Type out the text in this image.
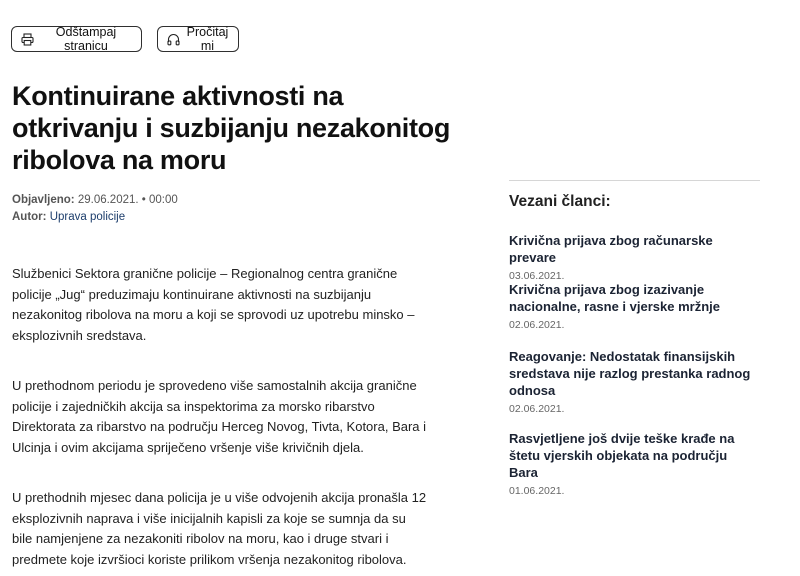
Odštampaj stranicu
Pročitaj mi
Kontinuirane aktivnosti na otkrivanju i suzbijanju nezakonitog ribolova na moru
Objavljeno: 29.06.2021. • 00:00
Autor: Uprava policije

Službenici Sektora granične policije – Regionalnog centra granične policije „Jug“ preduzimaju kontinuirane aktivnosti na suzbijanju nezakonitog ribolova na moru a koji se sprovodi uz upotrebu minsko – eksplozivnih sredstava.

U prethodnom periodu je sprovedeno više samostalnih akcija granične policije i zajedničkih akcija sa inspektorima za morsko ribarstvo Direktorata za ribarstvo na području Herceg Novog, Tivta, Kotora, Bara i Ulcinja i ovim akcijama spriječeno vršenje više krivičnih djela.

U prethodnih mjesec dana policija je u više odvojenih akcija pronašla 12 eksplozivnih naprava i više inicijalnih kapisli za koje se sumnja da su bile namjenjene za nezakoniti ribolov na moru, kao i druge stvari i predmete koje izvršioci koriste prilikom vršenja nezakonitog ribolova.

Vezani članci:
Krivična prijava zbog računarske prevare
03.06.2021.
Krivična prijava zbog izazivanje nacionalne, rasne i vjerske mržnje
02.06.2021.
Reagovanje: Nedostatak finansijskih sredstava nije razlog prestanka radnog odnosa
02.06.2021.
Rasvjetljene još dvije teške krađe na štetu vjerskih objekata na području Bara
01.06.2021.
